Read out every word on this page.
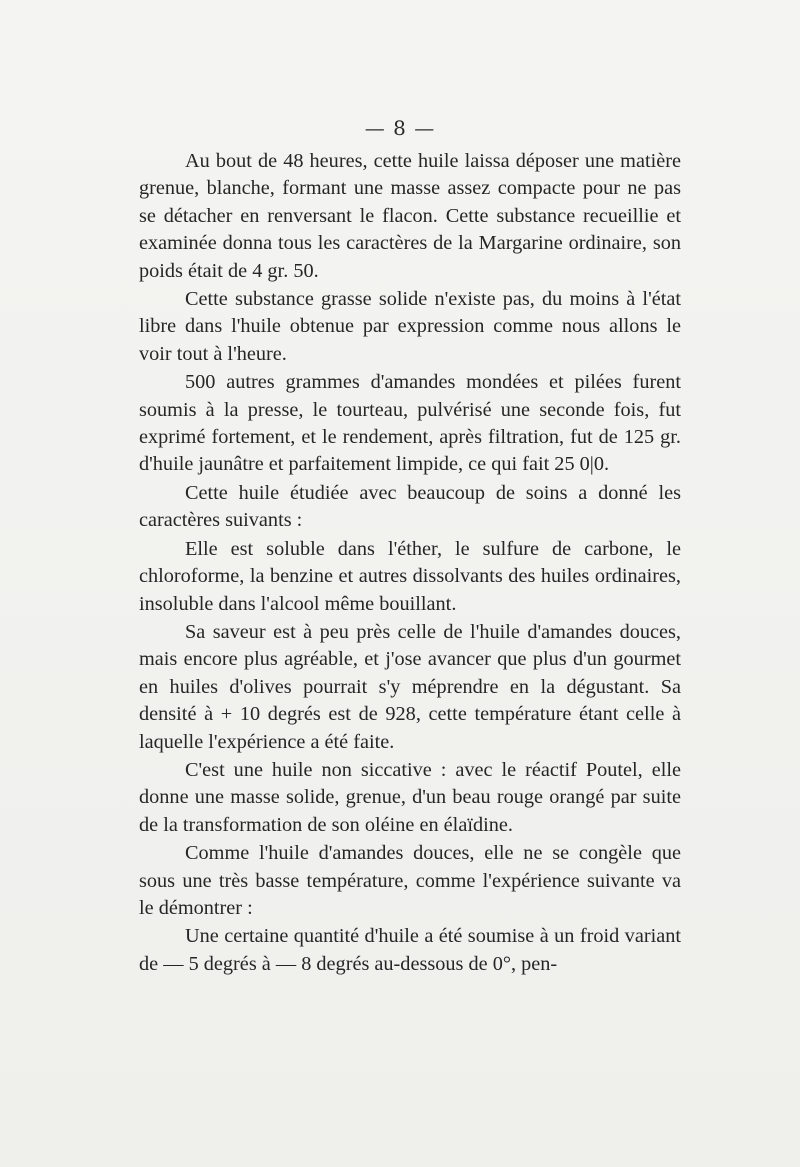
— 8 —

Au bout de 48 heures, cette huile laissa déposer une matière grenue, blanche, formant une masse assez compacte pour ne pas se détacher en renversant le flacon. Cette substance recueillie et examinée donna tous les caractères de la Margarine ordinaire, son poids était de 4 gr. 50.

Cette substance grasse solide n'existe pas, du moins à l'état libre dans l'huile obtenue par expression comme nous allons le voir tout à l'heure.

500 autres grammes d'amandes mondées et pilées furent soumis à la presse, le tourteau, pulvérisé une seconde fois, fut exprimé fortement, et le rendement, après filtration, fut de 125 gr. d'huile jaunâtre et parfaitement limpide, ce qui fait 25 0|0.

Cette huile étudiée avec beaucoup de soins a donné les caractères suivants :

Elle est soluble dans l'éther, le sulfure de carbone, le chloroforme, la benzine et autres dissolvants des huiles ordinaires, insoluble dans l'alcool même bouillant.

Sa saveur est à peu près celle de l'huile d'amandes douces, mais encore plus agréable, et j'ose avancer que plus d'un gourmet en huiles d'olives pourrait s'y méprendre en la dégustant. Sa densité à + 10 degrés est de 928, cette température étant celle à laquelle l'expérience a été faite.

C'est une huile non siccative : avec le réactif Poutel, elle donne une masse solide, grenue, d'un beau rouge orangé par suite de la transformation de son oléine en élaïdine.

Comme l'huile d'amandes douces, elle ne se congèle que sous une très basse température, comme l'expérience suivante va le démontrer :

Une certaine quantité d'huile a été soumise à un froid variant de — 5 degrés à — 8 degrés au-dessous de 0°, pen-
